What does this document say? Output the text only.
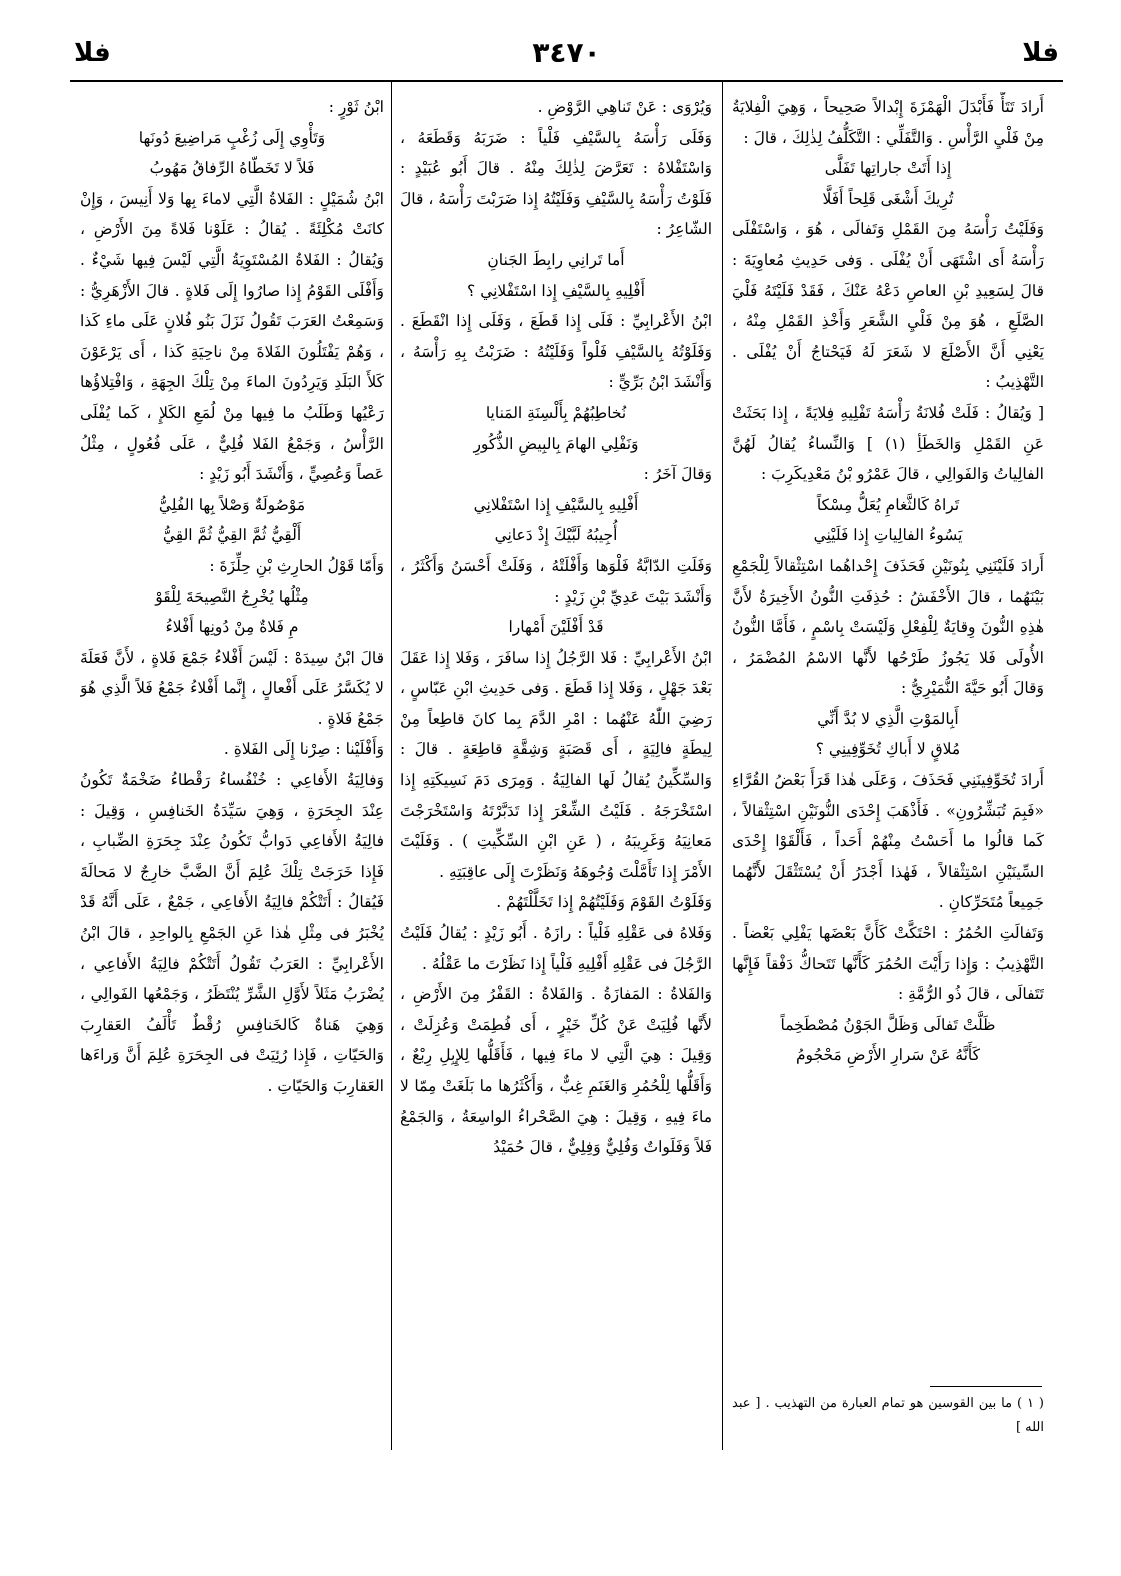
فلا
٣٤٧٠
فلا

أَرادَ تَتَأَّ فَأَبْدَلَ الْهَمْزَةَ إِبْدالاً صَحِيحاً ، وَهِيَ الْفِلايَةُ مِنْ فَلْيِ الرَّأْسِ . وَالتَّفَلِّي : التَّكَلُّفُ لِذٰلِكَ ، قالَ :

إِذا أَتَتْ جاراتِها تَفَلَّى

تُرِيكَ أَشْغَى قَلِحاً أَفَلَّا

وَفَلَيْتُ رَأْسَهُ مِنَ القَمْلِ وَتَفالَى ، هُوَ ، وَاسْتَفْلَى رَأْسَهُ أَى اشْتَهَى أَنْ يُفْلَى . وَفى حَدِيثِ مُعاوِيَةَ : قالَ لِسَعِيدِ بْنِ العاصِ دَعْهُ عَنْكَ ، فَقَدْ فَلَيْتَهُ فَلْيَ الصَّلَعِ ، هُوَ مِنْ فَلْيِ الشَّعَرِ وَأَخْذِ القَمْلِ مِنْهُ ، يَعْنِي أَنَّ الأَصْلَعَ لا شَعَرَ لَهُ فَيَحْتاجُ أَنْ يُفْلَى . التَّهْذِيبُ :

[ وَيُقالُ : فَلَتْ فُلانَةُ رَأْسَهُ تَفْلِيهِ فِلايَةً ، إِذا بَحَثَتْ عَنِ القَمْلِ وَالخَطَأِ (١) ] وَالنِّساءُ يُقالُ لَهُنَّ الفالِياتُ وَالفَوالِي ، قالَ عَمْرُو بْنُ مَعْدِيكَرِبَ :

تَراهُ كَالثَّغامِ يُعَلُّ مِسْكاً

يَسُوءُ الفالِياتِ إِذا فَلَيْنِي

أَرادَ فَلَيْنَنِي بِنُونَيْنِ فَحَذَفَ إِحْداهُما اسْتِثْقالاً لِلْجَمْعِ بَيْنَهُما ، قالَ الأَخْفَشُ : حُذِفَتِ النُّونُ الأَخِيرَةُ لأَنَّ هٰذِهِ النُّونَ وِقايَةٌ لِلْفِعْلِ وَلَيْسَتْ بِاسْمٍ ، فَأَمَّا النُّونُ الأُولَى فَلا يَجُوزُ طَرْحُها لأَنَّها الاسْمُ المُضْمَرُ ، وَقالَ أَبُو حَيَّةَ النُّمَيْرِيُّ :

أَبِالمَوْتِ الَّذِي لا بُدَّ أَنِّي

مُلاقٍ لا أَباكِ تُخَوِّفِينِي ؟

أَرادَ تُخَوِّفِينَنِي فَحَذَفَ ، وَعَلَى هٰذا قَرَأَ بَعْضُ القُرَّاءِ «فَبِمَ تُبَشِّرُونِ» . فَأَذْهَبَ إِحْدَى النُّونَيْنِ اسْتِثْقالاً ، كَما قالُوا ما أَحَسْتُ مِنْهُمْ أَحَداً ، فَأَلْقَوْا إِحْدَى السِّينَيْنِ اسْتِثْقالاً ، فَهٰذا أَجْدَرُ أَنْ يُسْتَثْقَلَ لأَنَّهُما جَمِيعاً مُتَحَرِّكانِ .

وَتَفالَتِ الحُمُرُ : احْتَكَّتْ كَأَنَّ بَعْضَها يَفْلِي بَعْضاً . التَّهْذِيبُ : وَإِذا رَأَيْتَ الحُمُرَ كَأَنَّها تَتَحاكُّ دَفْقاً فَإِنَّها تَتَفالَى ، قالَ ذُو الرُّمَّةِ :

ظَلَّتْ تَفالَى وَظَلَّ الجَوْنُ مُصْطَخِماً

كَأَنَّهُ عَنْ سَرارِ الأَرْضِ مَحْجُومُ

وَيُرْوَى : عَنْ تَناهِي الرَّوْضِ .

وَفَلَى رَأْسَهُ بِالسَّيْفِ فَلْياً : ضَرَبَهُ وَقَطَعَهُ ، وَاسْتَفْلاهُ : تَعَرَّضَ لِذٰلِكَ مِنْهُ . قالَ أَبُو عُبَيْدٍ : فَلَوْتُ رَأْسَهُ بِالسَّيْفِ وَفَلَيْتُهُ إِذا ضَرَبْتَ رَأْسَهُ ، قالَ الشّاعِرُ :

أَما تَرانِي رابِطَ الجَنانِ

أَفْلِيهِ بِالسَّيْفِ إِذا اسْتَفْلانِي ؟

ابْنُ الأَعْرابِيِّ : فَلَى إِذا قَطَعَ ، وَفَلَى إِذا انْقَطَعَ . وَفَلَوْتُهُ بِالسَّيْفِ فَلْواً وَفَلَيْتُهُ : ضَرَبْتُ بِهِ رَأْسَهُ ، وَأَنْشَدَ ابْنُ بَرِّيٍّ :

نُخاطِبُهُمْ بِأَلْسِنَةِ المَنايا

وَنَفْلِي الهامَ بِالبِيضِ الذُّكُورِ

وَقالَ آخَرُ :

أَفْلِيهِ بِالسَّيْفِ إِذا اسْتَفْلانِي

أُجِيبُهُ لَبَّيْكَ إِذْ دَعانِي

وَفَلَتِ الدّابَّةُ فَلْوَها وَأَفْلَتْهُ ، وَفَلَتْ أَحْسَنُ وَأَكْثَرُ ، وَأَنْشَدَ بَيْتَ عَدِيِّ بْنِ زَيْدٍ :

قَدْ أَفْلَيْنَ أَمْهارا

ابْنُ الأَعْرابِيِّ : فَلا الرَّجُلُ إِذا سافَرَ ، وَفَلا إِذا عَقَلَ بَعْدَ جَهْلٍ ، وَفَلا إِذا قَطَعَ . وَفى حَدِيثِ ابْنِ عَبّاسٍ ، رَضِيَ اللّٰهُ عَنْهُما : امْرِ الدَّمَ بِما كانَ قاطِعاً مِنْ لِيطَةٍ فالِيَةٍ ، أَى قَصَبَةٍ وَشِقَّةٍ قاطِعَةٍ . قالَ : وَالسِّكِّينُ يُقالُ لَها الفالِيَةُ . وَمِرَى دَمَ نَسِيكَتِهِ إِذا اسْتَخْرَجَهُ . فَلَيْتُ الشِّعْرَ إِذا تَدَبَّرْتَهُ وَاسْتَخْرَجْتَ مَعانِيَهُ وَغَرِيبَهُ ، ( عَنِ ابْنِ السِّكِّيتِ ) . وَفَلَيْتَ الأَمْرَ إِذا تَأَمَّلْتَ وُجُوهَهُ وَنَظَرْتَ إِلَى عاقِبَتِهِ .

وَفَلَوْتُ القَوْمَ وَفَلَيْتُهُمْ إِذا تَخَلَّلْتَهُمْ .

وَفَلاهُ فى عَقْلِهِ فَلْياً : رازَهُ . أَبُو زَيْدٍ : يُقالُ فَلَيْتُ الرَّجُلَ فى عَقْلِهِ أَفْلِيهِ فَلْياً إِذا نَظَرْتَ ما عَقْلُهُ .

وَالفَلاةُ : المَفازَةُ . وَالفَلاةُ : القَفْرُ مِنَ الأَرْضِ ، لأَنَّها فُلِيَتْ عَنْ كُلِّ خَيْرٍ ، أَى فُطِمَتْ وَعُزِلَتْ ، وَقِيلَ : هِيَ الَّتِي لا ماءَ فِيها ، فَأَقَلُّها لِلإِبِلِ رِبْعٌ ، وَأَقَلُّها لِلْحُمُرِ وَالغَنَمِ غِبٌّ ، وَأَكْثَرُها ما بَلَغَتْ مِمّا لا ماءَ فِيهِ ، وَقِيلَ : هِيَ الصَّحْراءُ الواسِعَةُ ، وَالجَمْعُ فَلاً وَفَلَواتٌ وَفُلِيٌّ وَفِلِيٌّ ، قالَ حُمَيْدُ

ابْنُ ثَوْرٍ :

وَتَأْوِي إِلَى زُغْبٍ مَراضِيعَ دُونَها

فَلاً لا تَخَطّاهُ الرِّفاقُ مَهُوبُ

ابْنُ شُمَيْلٍ : الفَلاةُ الَّتِي لاماءَ بِها وَلا أَنِيسَ ، وَإِنْ كانَتْ مُكْلِئَةً . يُقالُ : عَلَوْنا فَلاةً مِنَ الأَرْضِ ، وَيُقالُ : الفَلاةُ المُسْتَوِيَةُ الَّتِي لَيْسَ فِيها شَيْءٌ . وَأَفْلَى القَوْمُ إِذا صارُوا إِلَى فَلاةٍ . قالَ الأَزْهَرِيُّ : وَسَمِعْتُ العَرَبَ تَقُولُ نَزَلَ بَنُو فُلانٍ عَلَى ماءِ كَذا ، وَهُمْ يَفْتَلُونَ الفَلاةَ مِنْ ناحِيَةِ كَذا ، أَى يَرْعَوْنَ كَلأَ البَلَدِ وَيَرِدُونَ الماءَ مِنْ تِلْكَ الجِهَةِ ، وَافْتِلاؤُها رَعْيُها وَطَلَبُ ما فِيها مِنْ لُمَعِ الكَلإِ ، كَما يُفْلَى الرَّأْسُ ، وَجَمْعُ الفَلا فُلِيٌّ ، عَلَى فُعُولٍ ، مِثْلُ عَصاً وَعُصِيٍّ ، وَأَنْشَدَ أَبُو زَيْدٍ :

مَوْصُولَةٌ وَصْلاً بِها الفُلِيُّ

أَلْقِيُّ ثُمَّ القِيُّ ثُمَّ القِيُّ

وَأَمّا قَوْلُ الحارِثِ بْنِ حِلِّزَةَ :

مِثْلُها يُخْرِجُ النَّصِيحَةَ لِلْقَوْ

مِ فَلاةٌ مِنْ دُونِها أَفْلاءُ

قالَ ابْنُ سِيدَهْ : لَيْسَ أَفْلاءُ جَمْعَ فَلاةٍ ، لأَنَّ فَعَلَةَ لا يُكَسَّرُ عَلَى أَفْعالٍ ، إِنَّما أَفْلاءُ جَمْعُ فَلاً الَّذِي هُوَ جَمْعُ فَلاةٍ .

وَأَفْلَيْنا : صِرْنا إِلَى الفَلاةِ .

وَفالِيَةُ الأَفاعِي : خُنْفُساءُ رَقْطاءُ ضَخْمَةٌ تَكُونُ عِنْدَ الجِحَرَةِ ، وَهِيَ سَيِّدَةُ الخَنافِسِ ، وَقِيلَ : فالِيَةُ الأَفاعِي دَوابُّ تَكُونُ عِنْدَ جِحَرَةِ الضِّبابِ ، فَإِذا خَرَجَتْ تِلْكَ عُلِمَ أَنَّ الضَّبَّ خارِجٌ لا مَحالَةَ فَيُقالُ : أَتَتْكُمْ فالِيَةُ الأَفاعِي ، جَمْعٌ ، عَلَى أَنَّهُ قَدْ يُخْبَرُ فى مِثْلِ هٰذا عَنِ الجَمْعِ بِالواحِدِ ، قالَ ابْنُ الأَعْرابِيِّ : العَرَبُ تَقُولُ أَتَتْكُمْ فالِيَةُ الأَفاعِي ، يُضْرَبُ مَثَلاً لأَوَّلِ الشَّرِّ يُنْتَظَرُ ، وَجَمْعُها الفَوالِي ، وَهِيَ هَناةٌ كَالخَنافِسِ رُقْطٌ تَأْلَفُ العَقارِبَ وَالحَيّاتِ ، فَإِذا رُئِيَتْ فى الجِحَرَةِ عُلِمَ أَنَّ وَراءَها العَقارِبَ وَالحَيّاتِ .

( ١ ) ما بين القوسين هو تمام العبارة من التهذيب . [ عبد الله ]
